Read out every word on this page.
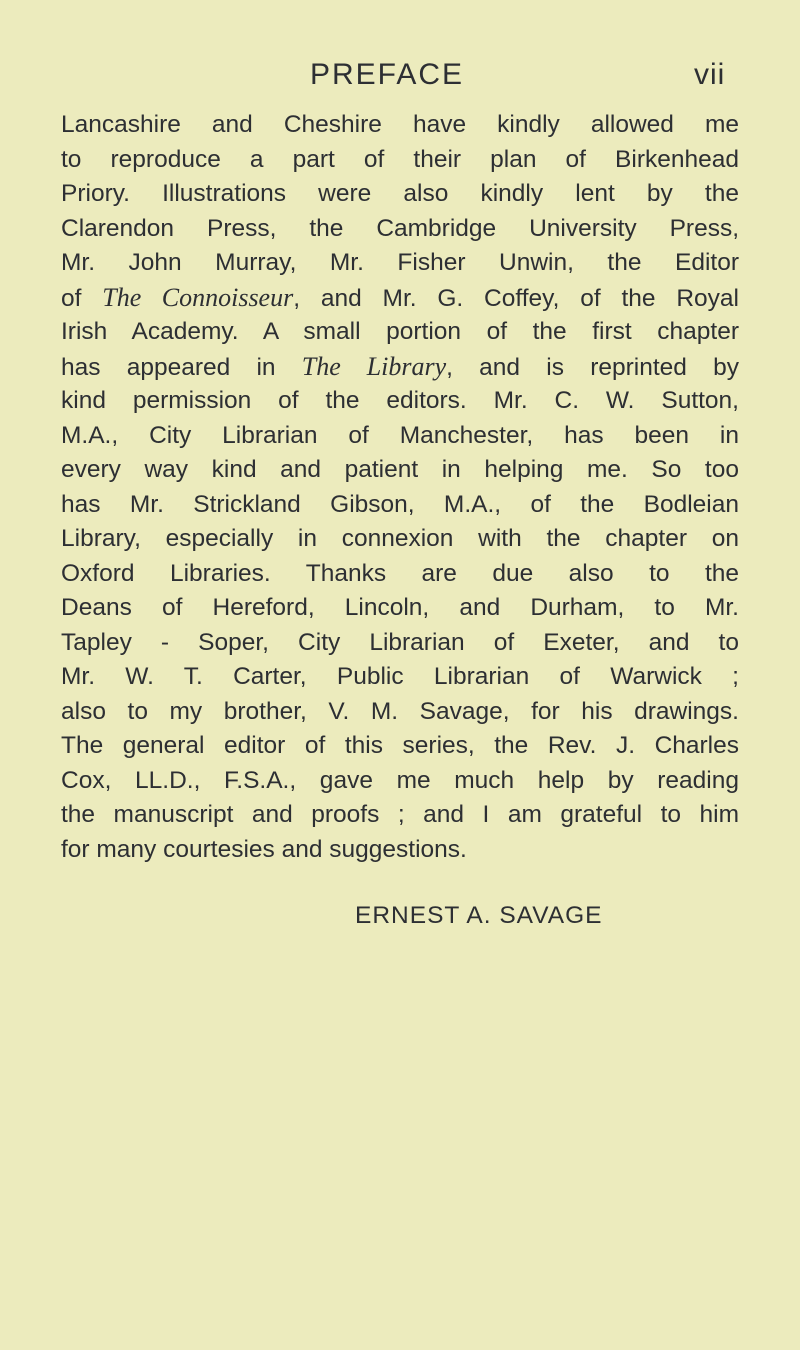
PREFACE	vii
Lancashire and Cheshire have kindly allowed me
to reproduce a part of their plan of Birkenhead
Priory. Illustrations were also kindly lent by the
Clarendon Press, the Cambridge University Press,
Mr. John Murray, Mr. Fisher Unwin, the Editor
of The Connoisseur, and Mr. G. Coffey, of the Royal
Irish Academy. A small portion of the first chapter
has appeared in The Library, and is reprinted by
kind permission of the editors. Mr. C. W. Sutton,
M.A., City Librarian of Manchester, has been in
every way kind and patient in helping me. So too
has Mr. Strickland Gibson, M.A., of the Bodleian
Library, especially in connexion with the chapter on
Oxford Libraries. Thanks are due also to the
Deans of Hereford, Lincoln, and Durham, to Mr.
Tapley - Soper, City Librarian of Exeter, and to
Mr. W. T. Carter, Public Librarian of Warwick ;
also to my brother, V. M. Savage, for his drawings.
The general editor of this series, the Rev. J. Charles
Cox, LL.D., F.S.A., gave me much help by reading
the manuscript and proofs ; and I am grateful to him
for many courtesies and suggestions.
ERNEST A. SAVAGE
